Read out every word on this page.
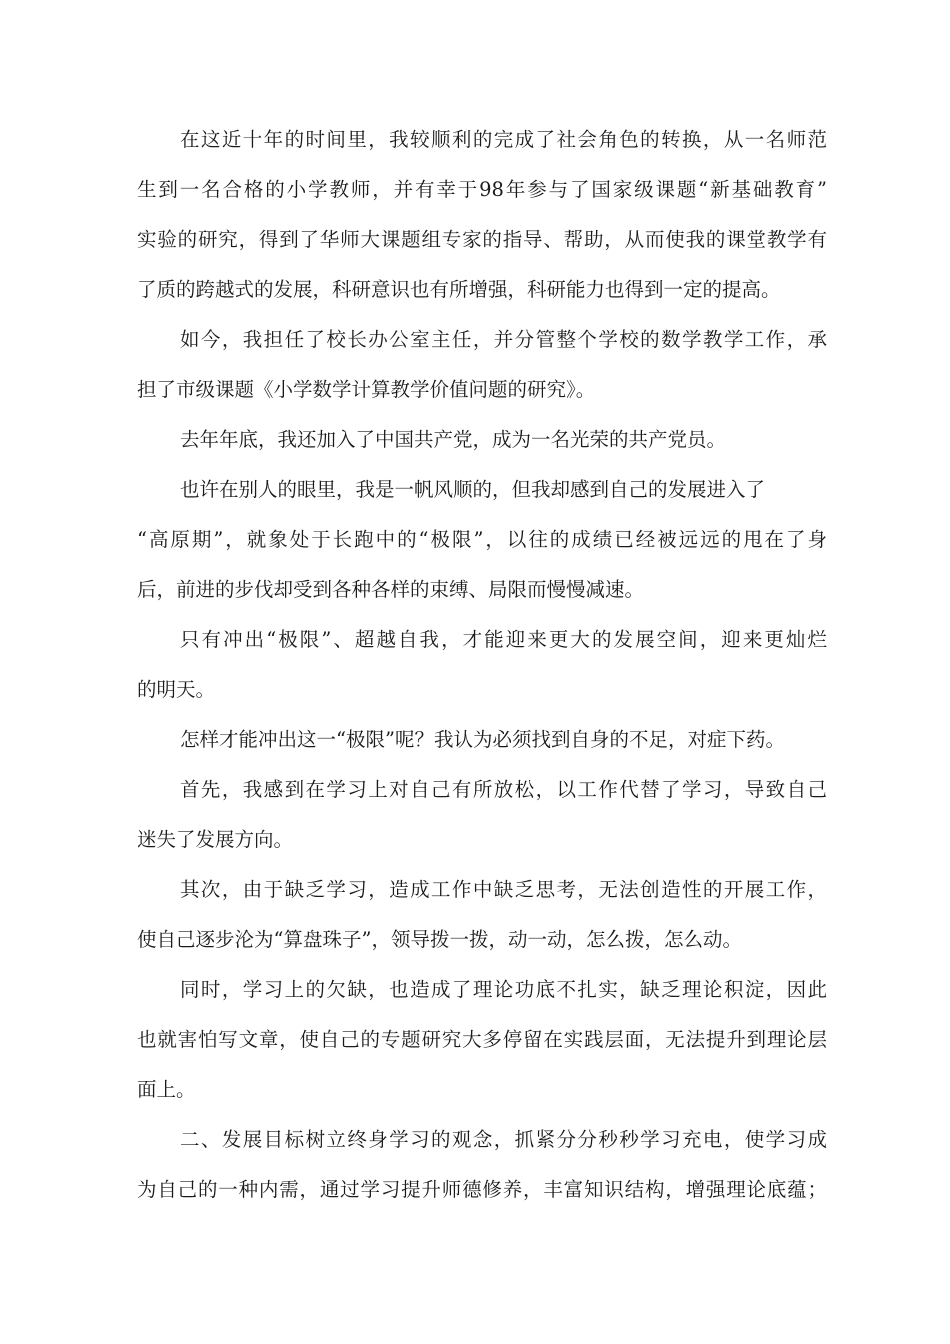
在这近十年的时间里，我较顺利的完成了社会角色的转换，从一名师范
生到一名合格的小学教师，并有幸于98年参与了国家级课题“新基础教育”
实验的研究，得到了华师大课题组专家的指导、帮助，从而使我的课堂教学有
了质的跨越式的发展，科研意识也有所增强，科研能力也得到一定的提高。
如今，我担任了校长办公室主任，并分管整个学校的数学教学工作，承
担了市级课题《小学数学计算教学价值问题的研究》。
去年年底，我还加入了中国共产党，成为一名光荣的共产党员。
也许在别人的眼里，我是一帆风顺的，但我却感到自己的发展进入了
“高原期”，就象处于长跑中的“极限”，以往的成绩已经被远远的甩在了身
后，前进的步伐却受到各种各样的束缚、局限而慢慢减速。
只有冲出“极限”、超越自我，才能迎来更大的发展空间，迎来更灿烂
的明天。
怎样才能冲出这一“极限”呢？我认为必须找到自身的不足，对症下药。
首先，我感到在学习上对自己有所放松，以工作代替了学习，导致自己
迷失了发展方向。
其次，由于缺乏学习，造成工作中缺乏思考，无法创造性的开展工作，
使自己逐步沦为“算盘珠子”，领导拨一拨，动一动，怎么拨，怎么动。
同时，学习上的欠缺，也造成了理论功底不扎实，缺乏理论积淀，因此
也就害怕写文章，使自己的专题研究大多停留在实践层面，无法提升到理论层
面上。
二、发展目标树立终身学习的观念，抓紧分分秒秒学习充电，使学习成
为自己的一种内需，通过学习提升师德修养，丰富知识结构，增强理论底蕴；
